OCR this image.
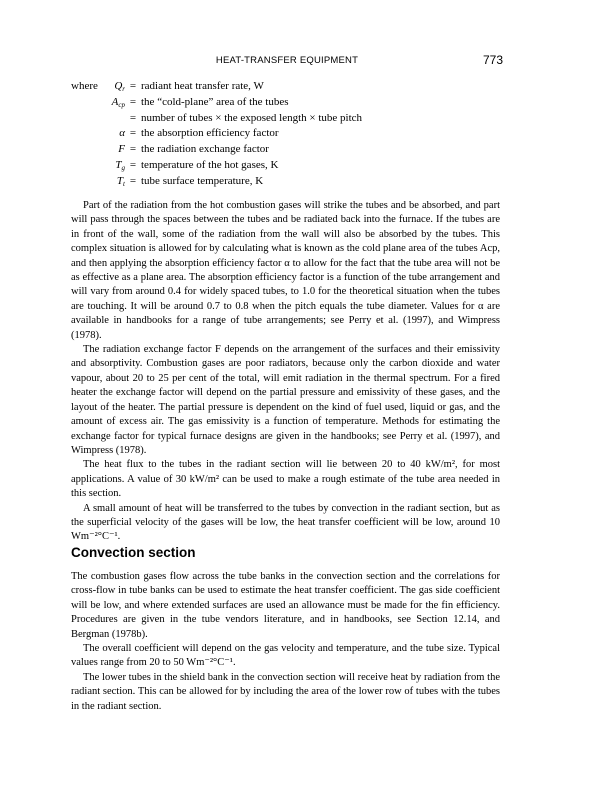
HEAT-TRANSFER EQUIPMENT	773
where	$Q_r$ = radiant heat transfer rate, W
$A_{cp}$ = the “cold-plane” area of the tubes
= number of tubes × the exposed length × tube pitch
α = the absorption efficiency factor
F = the radiation exchange factor
$T_g$ = temperature of the hot gases, K
$T_t$ = tube surface temperature, K

Part of the radiation from the hot combustion gases will strike the tubes and be absorbed, and part will pass through the spaces between the tubes and be radiated back into the furnace. If the tubes are in front of the wall, some of the radiation from the wall will also be absorbed by the tubes. This complex situation is allowed for by calculating what is known as the cold plane area of the tubes Acp, and then applying the absorption efficiency factor α to allow for the fact that the tube area will not be as effective as a plane area. The absorption efficiency factor is a function of the tube arrangement and will vary from around 0.4 for widely spaced tubes, to 1.0 for the theoretical situation when the tubes are touching. It will be around 0.7 to 0.8 when the pitch equals the tube diameter. Values for α are available in handbooks for a range of tube arrangements; see Perry et al. (1997), and Wimpress (1978).

The radiation exchange factor F depends on the arrangement of the surfaces and their emissivity and absorptivity. Combustion gases are poor radiators, because only the carbon dioxide and water vapour, about 20 to 25 per cent of the total, will emit radiation in the thermal spectrum. For a fired heater the exchange factor will depend on the partial pressure and emissivity of these gases, and the layout of the heater. The partial pressure is dependent on the kind of fuel used, liquid or gas, and the amount of excess air. The gas emissivity is a function of temperature. Methods for estimating the exchange factor for typical furnace designs are given in the handbooks; see Perry et al. (1997), and Wimpress (1978).

The heat flux to the tubes in the radiant section will lie between 20 to 40 kW/m², for most applications. A value of 30 kW/m² can be used to make a rough estimate of the tube area needed in this section.

A small amount of heat will be transferred to the tubes by convection in the radiant section, but as the superficial velocity of the gases will be low, the heat transfer coefficient will be low, around 10 Wm⁻²°C⁻¹.

Convection section

The combustion gases flow across the tube banks in the convection section and the correlations for cross-flow in tube banks can be used to estimate the heat transfer coefficient. The gas side coefficient will be low, and where extended surfaces are used an allowance must be made for the fin efficiency. Procedures are given in the tube vendors literature, and in handbooks, see Section 12.14, and Bergman (1978b).

The overall coefficient will depend on the gas velocity and temperature, and the tube size. Typical values range from 20 to 50 Wm⁻²°C⁻¹.

The lower tubes in the shield bank in the convection section will receive heat by radiation from the radiant section. This can be allowed for by including the area of the lower row of tubes with the tubes in the radiant section.
